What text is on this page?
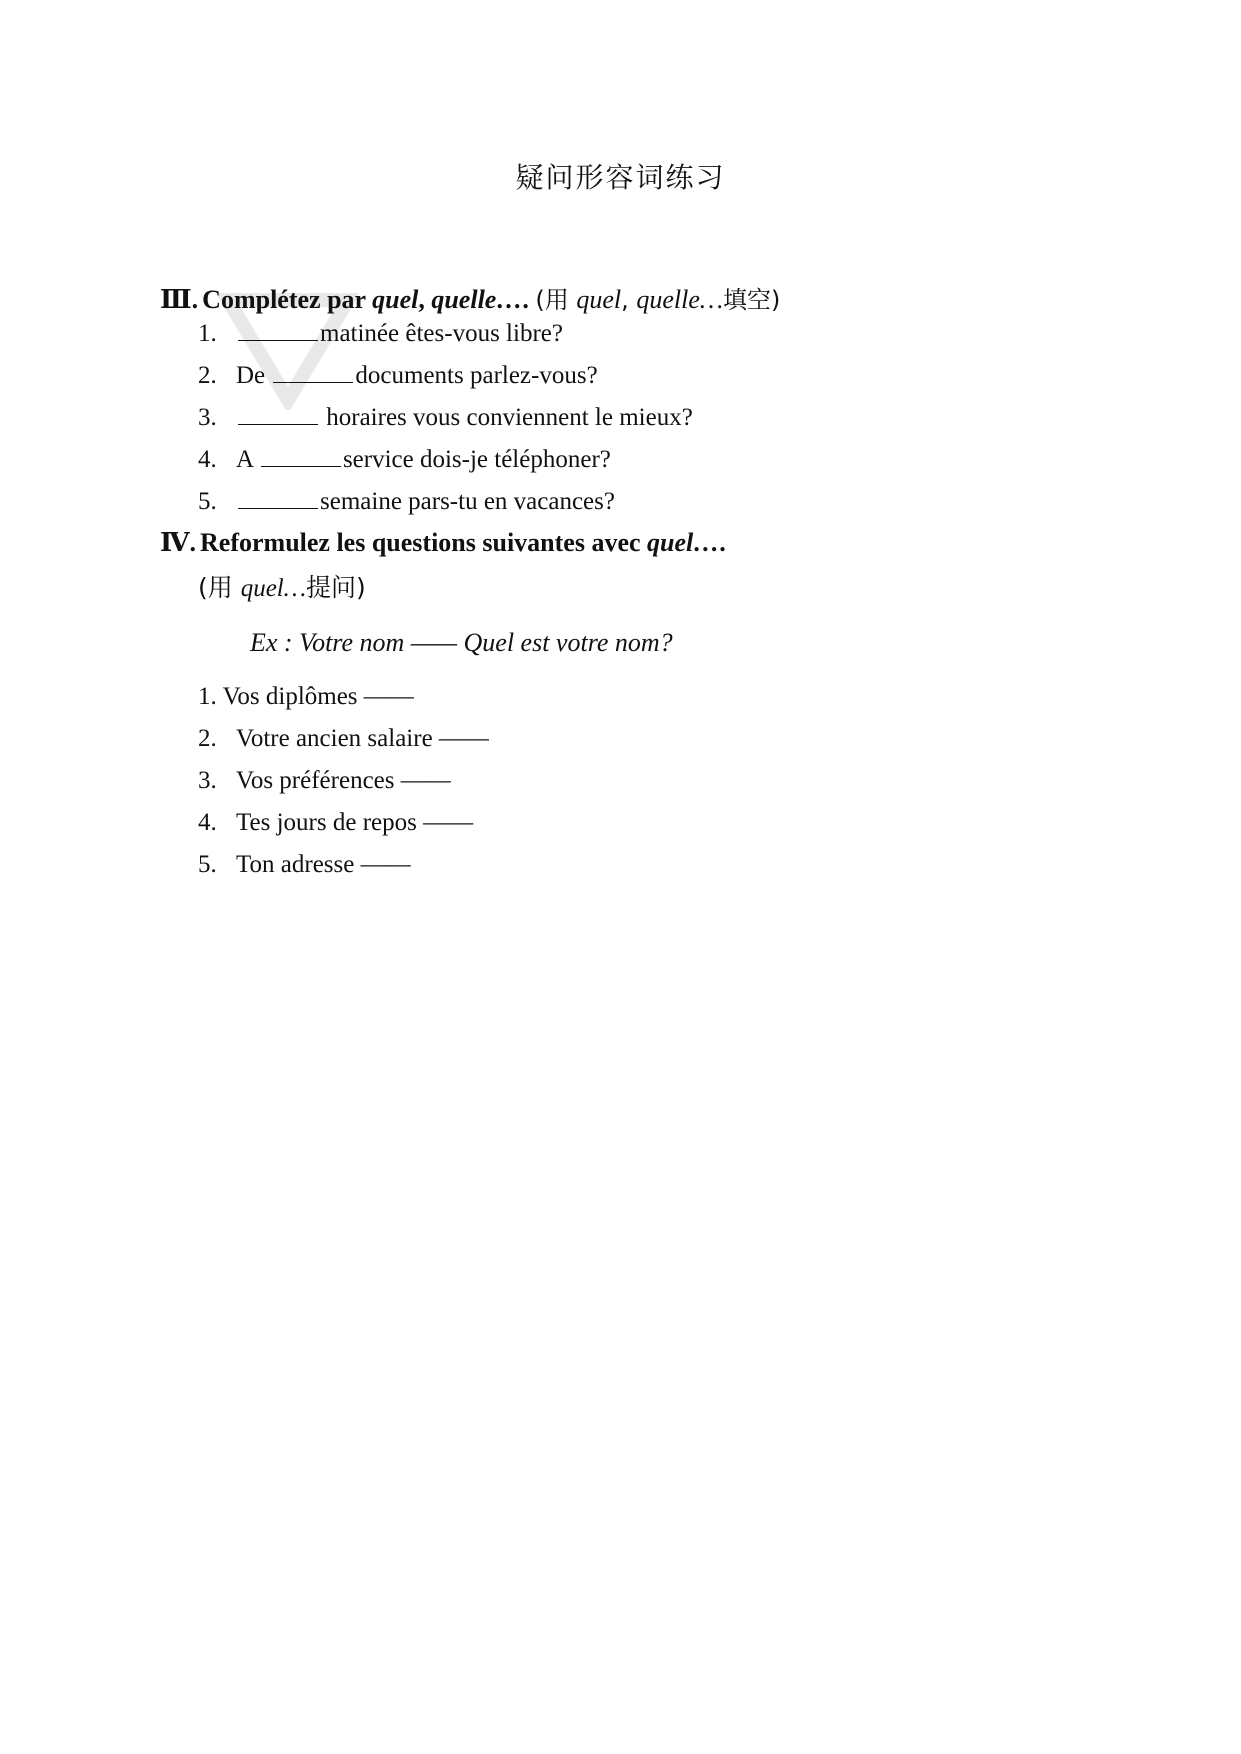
疑问形容词练习
Ⅲ. Complétez par quel, quelle…. (用 quel, quelle…填空)
1.	matinée êtes-vous libre?
2. De	documents parlez-vous?
3.	horaires vous conviennent le mieux?
4. A	service dois-je téléphoner?
5.	semaine pars-tu en vacances?
Ⅳ. Reformulez les questions suivantes avec quel….
(用 quel…提问)
Ex : Votre nom —— Quel est votre nom?
1. Vos diplômes ——
2. Votre ancien salaire ——
3. Vos préférences ——
4. Tes jours de repos ——
5. Ton adresse ——
